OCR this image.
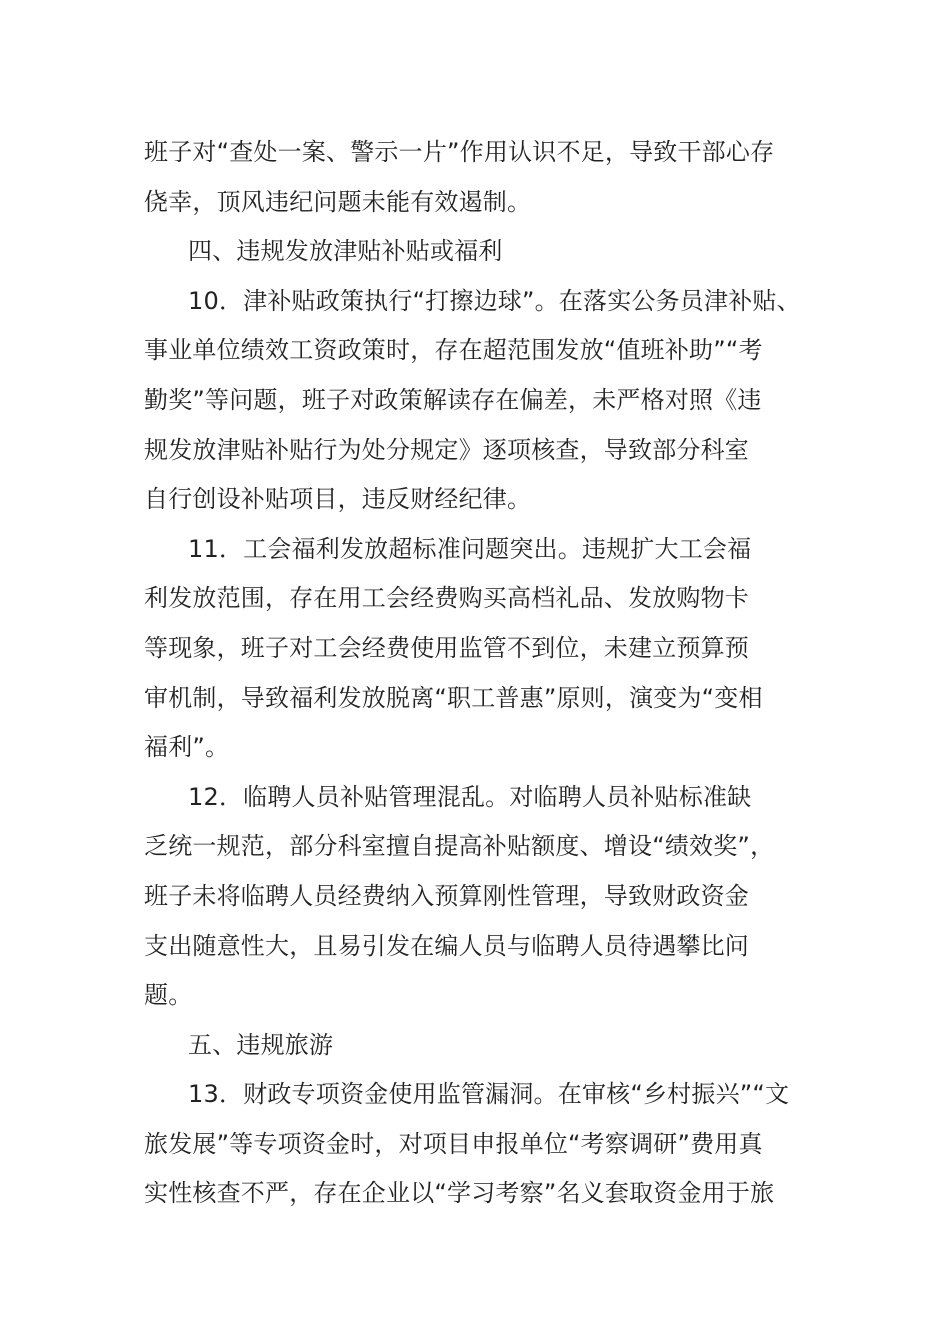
班子对“查处一案、警示一片”作用认识不足，导致干部心存
侥幸，顶风违纪问题未能有效遏制。
四、违规发放津贴补贴或福利
10．津补贴政策执行“打擦边球”。在落实公务员津补贴、
事业单位绩效工资政策时，存在超范围发放“值班补助”“考
勤奖”等问题，班子对政策解读存在偏差，未严格对照《违
规发放津贴补贴行为处分规定》逐项核查，导致部分科室
自行创设补贴项目，违反财经纪律。
11．工会福利发放超标准问题突出。违规扩大工会福
利发放范围，存在用工会经费购买高档礼品、发放购物卡
等现象，班子对工会经费使用监管不到位，未建立预算预
审机制，导致福利发放脱离“职工普惠”原则，演变为“变相
福利”。
12．临聘人员补贴管理混乱。对临聘人员补贴标准缺
乏统一规范，部分科室擅自提高补贴额度、增设“绩效奖”，
班子未将临聘人员经费纳入预算刚性管理，导致财政资金
支出随意性大，且易引发在编人员与临聘人员待遇攀比问
题。
五、违规旅游
13．财政专项资金使用监管漏洞。在审核“乡村振兴”“文
旅发展”等专项资金时，对项目申报单位“考察调研”费用真
实性核查不严，存在企业以“学习考察”名义套取资金用于旅
